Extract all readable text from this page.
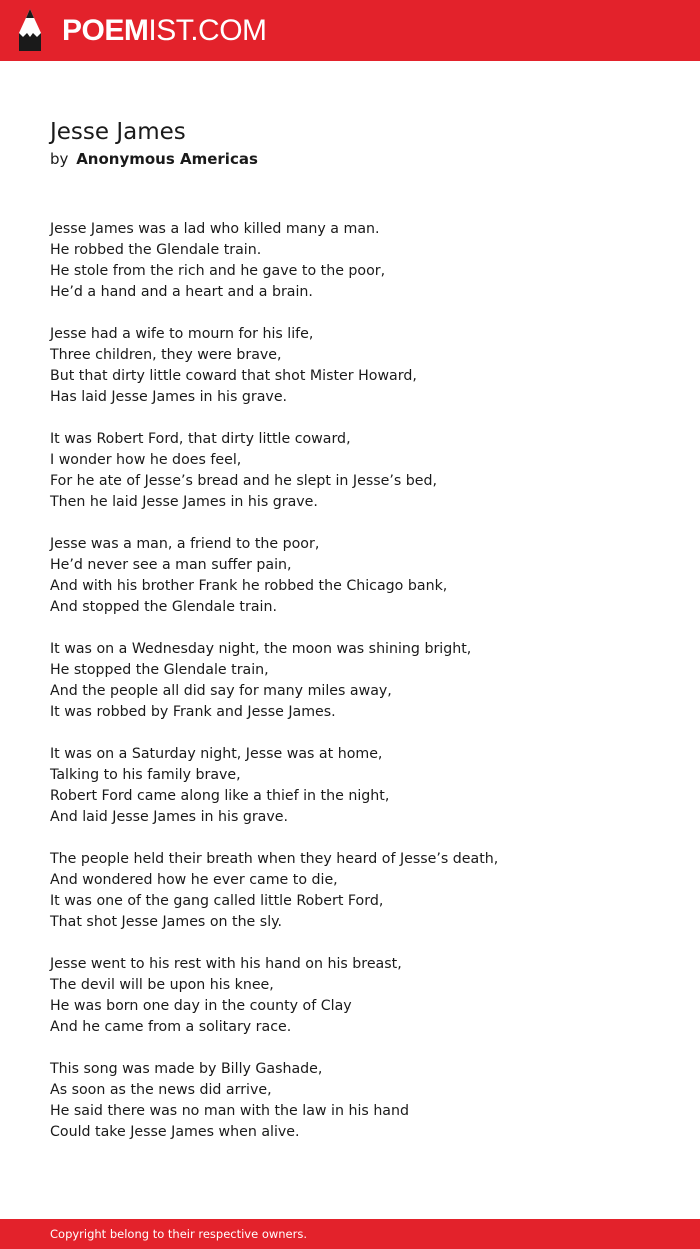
POEMIST.COM
Jesse James
by Anonymous Americas
Jesse James was a lad who killed many a man.
He robbed the Glendale train.
He stole from the rich and he gave to the poor,
He’d a hand and a heart and a brain.
Jesse had a wife to mourn for his life,
Three children, they were brave,
But that dirty little coward that shot Mister Howard,
Has laid Jesse James in his grave.
It was Robert Ford, that dirty little coward,
I wonder how he does feel,
For he ate of Jesse’s bread and he slept in Jesse’s bed,
Then he laid Jesse James in his grave.
Jesse was a man, a friend to the poor,
He’d never see a man suffer pain,
And with his brother Frank he robbed the Chicago bank,
And stopped the Glendale train.
It was on a Wednesday night, the moon was shining bright,
He stopped the Glendale train,
And the people all did say for many miles away,
It was robbed by Frank and Jesse James.
It was on a Saturday night, Jesse was at home,
Talking to his family brave,
Robert Ford came along like a thief in the night,
And laid Jesse James in his grave.
The people held their breath when they heard of Jesse’s death,
And wondered how he ever came to die,
It was one of the gang called little Robert Ford,
That shot Jesse James on the sly.
Jesse went to his rest with his hand on his breast,
The devil will be upon his knee,
He was born one day in the county of Clay
And he came from a solitary race.
This song was made by Billy Gashade,
As soon as the news did arrive,
He said there was no man with the law in his hand
Could take Jesse James when alive.
Copyright belong to their respective owners.
